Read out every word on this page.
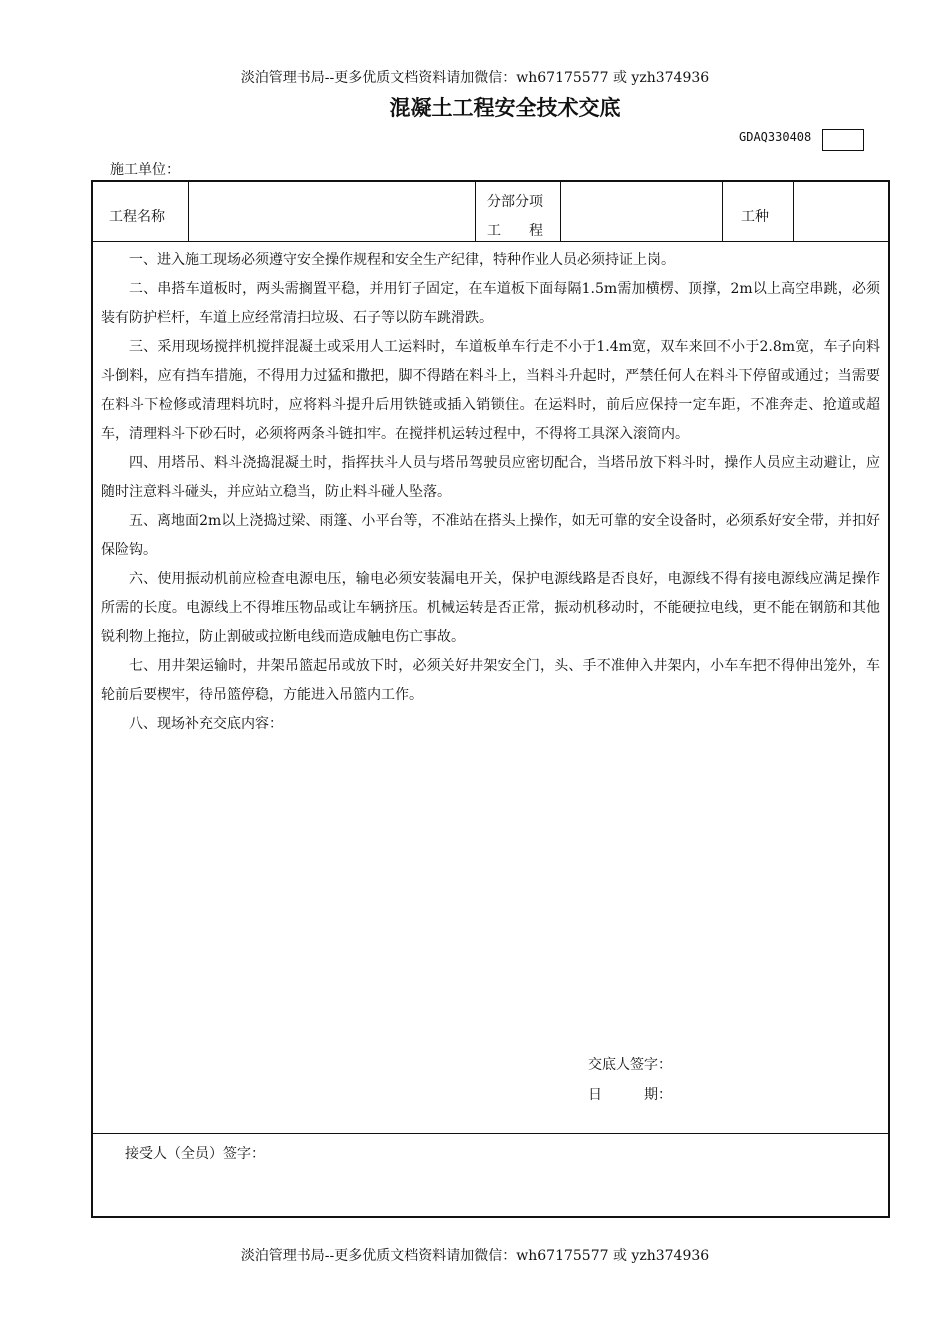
淡泊管理书局--更多优质文档资料请加微信：wh67175577 或 yzh374936
混凝土工程安全技术交底
GDAQ330408
施工单位：
工程名称
分部分项
工　　程
工种

一、进入施工现场必须遵守安全操作规程和安全生产纪律，特种作业人员必须持证上岗。

二、串搭车道板时，两头需搁置平稳，并用钉子固定，在车道板下面每隔1.5m需加横楞、顶撑，2m以上高空串跳，必须装有防护栏杆，车道上应经常清扫垃圾、石子等以防车跳滑跌。

三、采用现场搅拌机搅拌混凝土或采用人工运料时，车道板单车行走不小于1.4m宽，双车来回不小于2.8m宽，车子向料斗倒料，应有挡车措施，不得用力过猛和撒把，脚不得踏在料斗上，当料斗升起时，严禁任何人在料斗下停留或通过；当需要在料斗下检修或清理料坑时，应将料斗提升后用铁链或插入销锁住。在运料时，前后应保持一定车距，不准奔走、抢道或超车，清理料斗下砂石时，必须将两条斗链扣牢。在搅拌机运转过程中，不得将工具深入滚筒内。

四、用塔吊、料斗浇捣混凝土时，指挥扶斗人员与塔吊驾驶员应密切配合，当塔吊放下料斗时，操作人员应主动避让，应随时注意料斗碰头，并应站立稳当，防止料斗碰人坠落。

五、离地面2m以上浇捣过梁、雨篷、小平台等，不准站在搭头上操作，如无可靠的安全设备时，必须系好安全带，并扣好保险钩。

六、使用振动机前应检查电源电压，输电必须安装漏电开关，保护电源线路是否良好，电源线不得有接电源线应满足操作所需的长度。电源线上不得堆压物品或让车辆挤压。机械运转是否正常，振动机移动时，不能硬拉电线，更不能在钢筋和其他锐利物上拖拉，防止割破或拉断电线而造成触电伤亡事故。

七、用井架运输时，井架吊篮起吊或放下时，必须关好井架安全门，头、手不准伸入井架内，小车车把不得伸出笼外，车轮前后要楔牢，待吊篮停稳，方能进入吊篮内工作。

八、现场补充交底内容：

交底人签字：
日　　　期：
接受人（全员）签字：
淡泊管理书局--更多优质文档资料请加微信：wh67175577 或 yzh374936
